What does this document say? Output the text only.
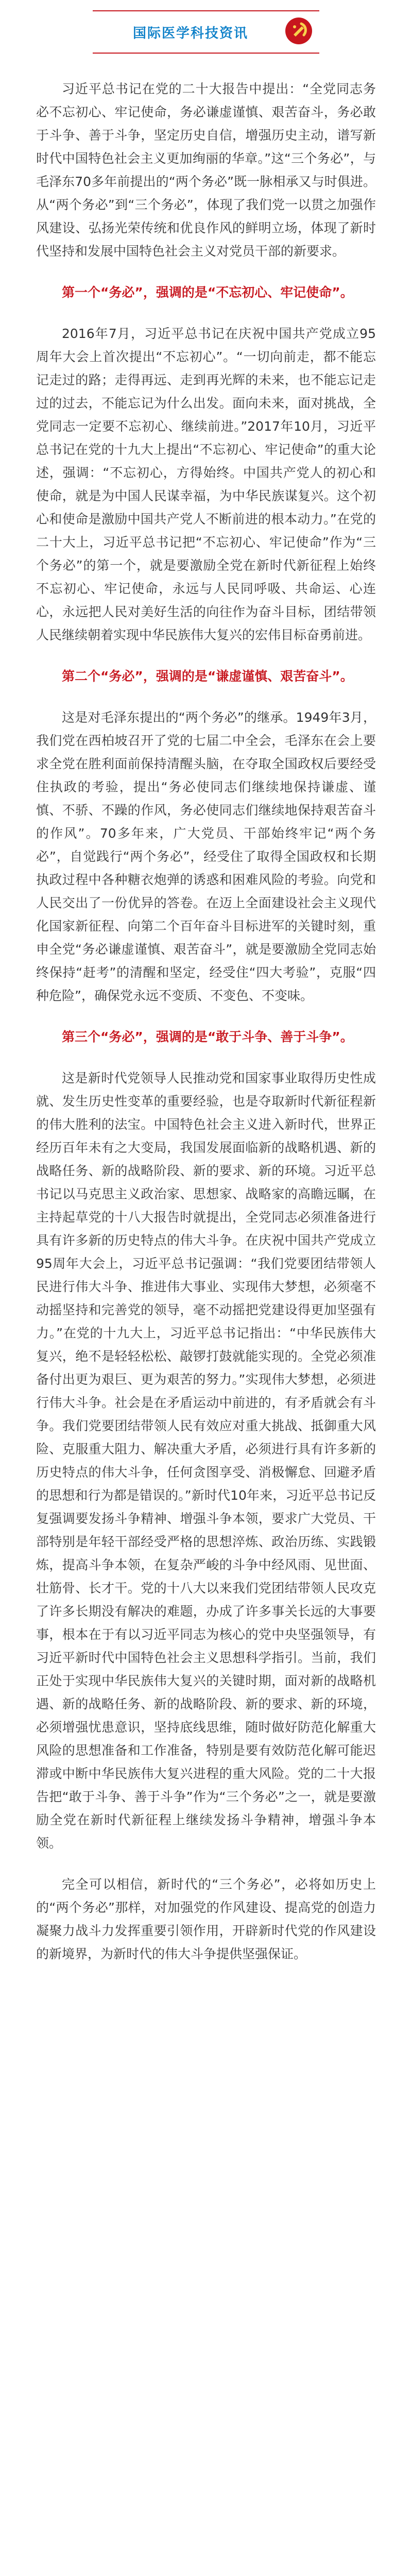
国际医学科技资讯
习近平总书记在党的二十大报告中提出：“全党同志务必不忘初心、牢记使命，务必谦虚谨慎、艰苦奋斗，务必敢于斗争、善于斗争，坚定历史自信，增强历史主动，谱写新时代中国特色社会主义更加绚丽的华章。”这“三个务必”，与毛泽东70多年前提出的“两个务必”既一脉相承又与时俱进。从“两个务必”到“三个务必”，体现了我们党一以贯之加强作风建设、弘扬光荣传统和优良作风的鲜明立场，体现了新时代坚持和发展中国特色社会主义对党员干部的新要求。
第一个“务必”，强调的是“不忘初心、牢记使命”。
2016年7月，习近平总书记在庆祝中国共产党成立95周年大会上首次提出“不忘初心”。“一切向前走，都不能忘记走过的路；走得再远、走到再光辉的未来，也不能忘记走过的过去，不能忘记为什么出发。面向未来，面对挑战，全党同志一定要不忘初心、继续前进。”2017年10月，习近平总书记在党的十九大上提出“不忘初心、牢记使命”的重大论述，强调：“不忘初心，方得始终。中国共产党人的初心和使命，就是为中国人民谋幸福，为中华民族谋复兴。这个初心和使命是激励中国共产党人不断前进的根本动力。”在党的二十大上，习近平总书记把“不忘初心、牢记使命”作为“三个务必”的第一个，就是要激励全党在新时代新征程上始终不忘初心、牢记使命，永远与人民同呼吸、共命运、心连心，永远把人民对美好生活的向往作为奋斗目标，团结带领人民继续朝着实现中华民族伟大复兴的宏伟目标奋勇前进。
第二个“务必”，强调的是“谦虚谨慎、艰苦奋斗”。
这是对毛泽东提出的“两个务必”的继承。1949年3月，我们党在西柏坡召开了党的七届二中全会，毛泽东在会上要求全党在胜利面前保持清醒头脑，在夺取全国政权后要经受住执政的考验，提出“务必使同志们继续地保持谦虚、谨慎、不骄、不躁的作风，务必使同志们继续地保持艰苦奋斗的作风”。70多年来，广大党员、干部始终牢记“两个务必”，自觉践行“两个务必”，经受住了取得全国政权和长期执政过程中各种糖衣炮弹的诱惑和困难风险的考验。向党和人民交出了一份优异的答卷。在迈上全面建设社会主义现代化国家新征程、向第二个百年奋斗目标进军的关键时刻，重申全党“务必谦虚谨慎、艰苦奋斗”，就是要激励全党同志始终保持“赶考”的清醒和坚定，经受住“四大考验”，克服“四种危险”，确保党永远不变质、不变色、不变味。
第三个“务必”，强调的是“敢于斗争、善于斗争”。
这是新时代党领导人民推动党和国家事业取得历史性成就、发生历史性变革的重要经验，也是夺取新时代新征程新的伟大胜利的法宝。中国特色社会主义进入新时代，世界正经历百年未有之大变局，我国发展面临新的战略机遇、新的战略任务、新的战略阶段、新的要求、新的环境。习近平总书记以马克思主义政治家、思想家、战略家的高瞻远瞩，在主持起草党的十八大报告时就提出，全党同志必须准备进行具有许多新的历史特点的伟大斗争。在庆祝中国共产党成立95周年大会上，习近平总书记强调：“我们党要团结带领人民进行伟大斗争、推进伟大事业、实现伟大梦想，必须毫不动摇坚持和完善党的领导，毫不动摇把党建设得更加坚强有力。”在党的十九大上，习近平总书记指出：“中华民族伟大复兴，绝不是轻轻松松、敲锣打鼓就能实现的。全党必须准备付出更为艰巨、更为艰苦的努力。”实现伟大梦想，必须进行伟大斗争。社会是在矛盾运动中前进的，有矛盾就会有斗争。我们党要团结带领人民有效应对重大挑战、抵御重大风险、克服重大阻力、解决重大矛盾，必须进行具有许多新的历史特点的伟大斗争，任何贪图享受、消极懈怠、回避矛盾的思想和行为都是错误的。”新时代10年来，习近平总书记反复强调要发扬斗争精神、增强斗争本领，要求广大党员、干部特别是年轻干部经受严格的思想淬炼、政治历练、实践锻炼，提高斗争本领，在复杂严峻的斗争中经风雨、见世面、壮筋骨、长才干。党的十八大以来我们党团结带领人民攻克了许多长期没有解决的难题，办成了许多事关长远的大事要事，根本在于有以习近平同志为核心的党中央坚强领导，有习近平新时代中国特色社会主义思想科学指引。当前，我们正处于实现中华民族伟大复兴的关键时期，面对新的战略机遇、新的战略任务、新的战略阶段、新的要求、新的环境，必须增强忧患意识，坚持底线思维，随时做好防范化解重大风险的思想准备和工作准备，特别是要有效防范化解可能迟滞或中断中华民族伟大复兴进程的重大风险。党的二十大报告把“敢于斗争、善于斗争”作为“三个务必”之一，就是要激励全党在新时代新征程上继续发扬斗争精神，增强斗争本领。
完全可以相信，新时代的“三个务必”，必将如历史上的“两个务必”那样，对加强党的作风建设、提高党的创造力凝聚力战斗力发挥重要引领作用，开辟新时代党的作风建设的新境界，为新时代的伟大斗争提供坚强保证。
